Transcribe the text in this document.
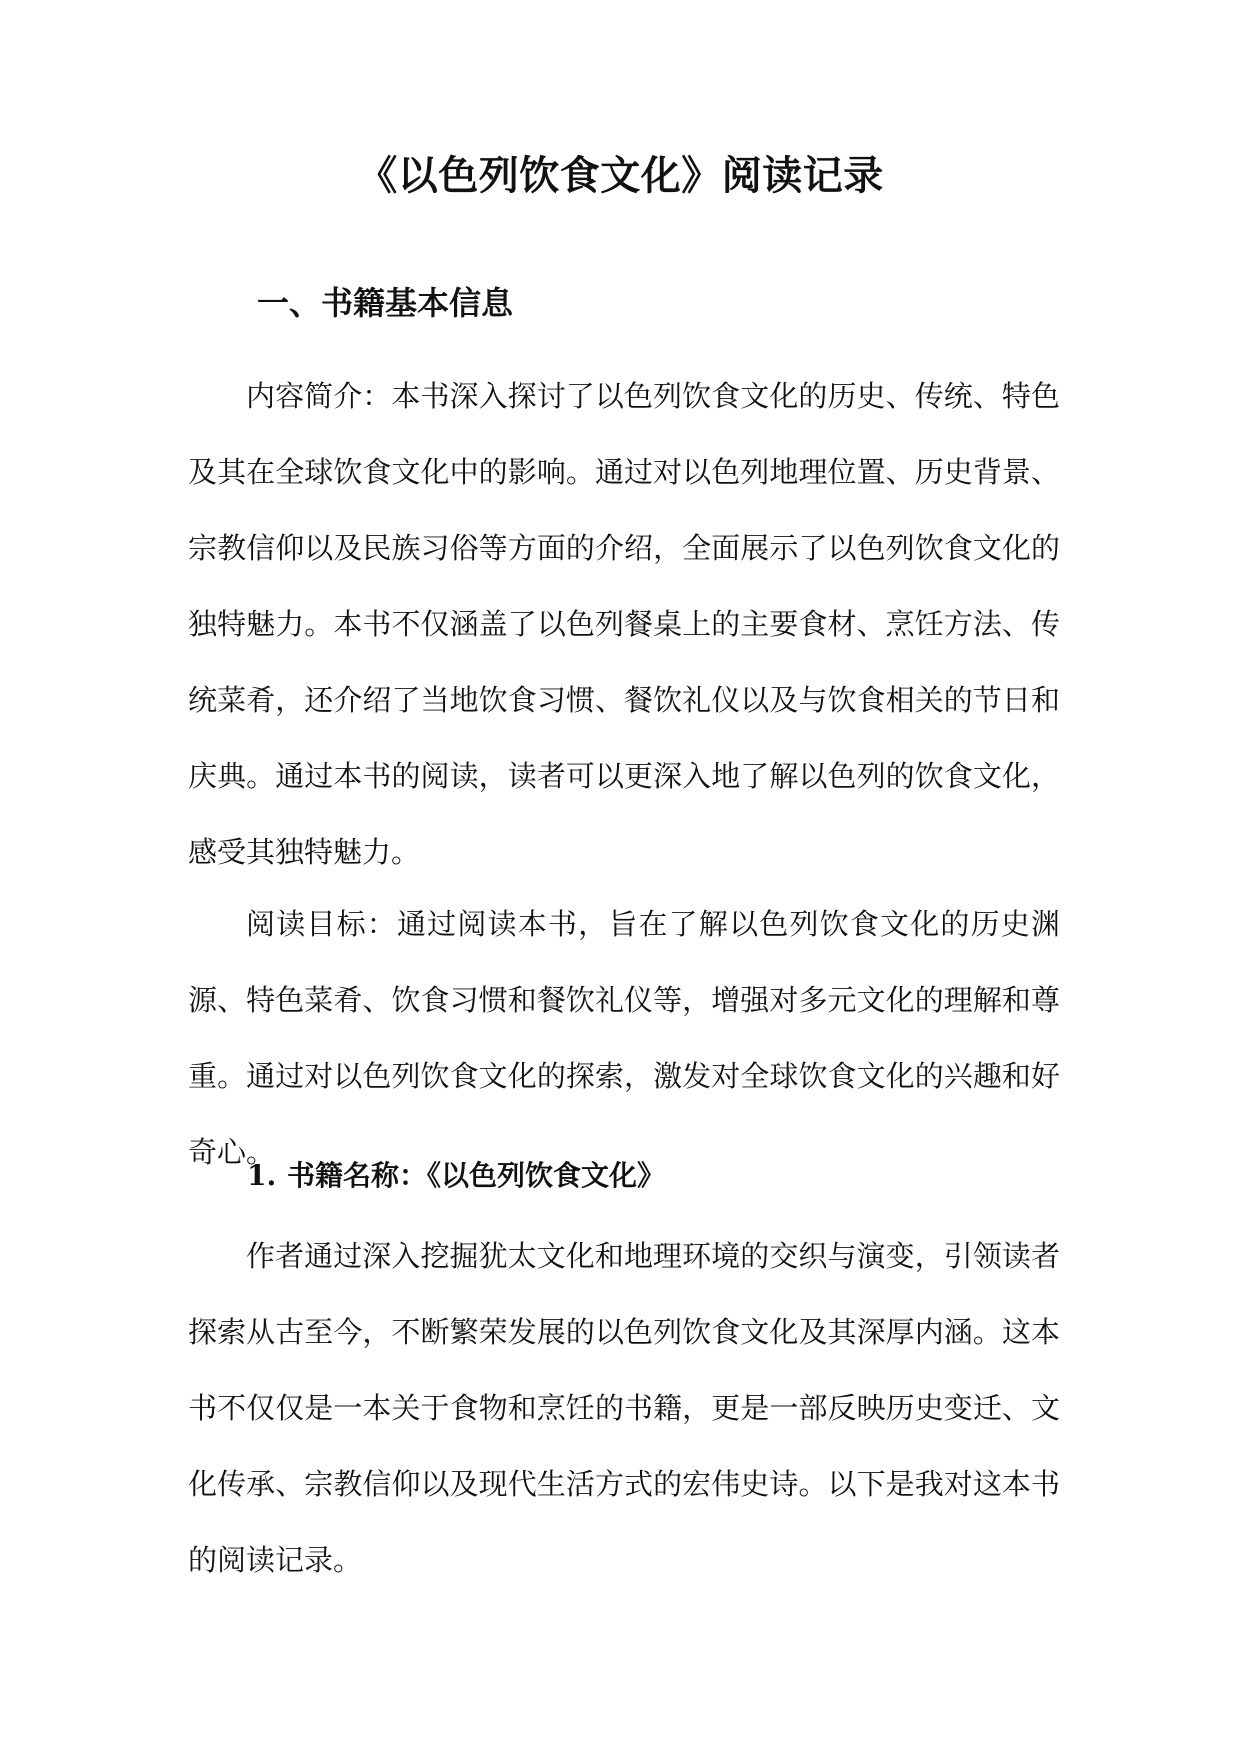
《以色列饮食文化》阅读记录
一、书籍基本信息

内容简介：本书深入探讨了以色列饮食文化的历史、传统、特色及其在全球饮食文化中的影响。通过对以色列地理位置、历史背景、宗教信仰以及民族习俗等方面的介绍，全面展示了以色列饮食文化的独特魅力。本书不仅涵盖了以色列餐桌上的主要食材、烹饪方法、传统菜肴，还介绍了当地饮食习惯、餐饮礼仪以及与饮食相关的节日和庆典。通过本书的阅读，读者可以更深入地了解以色列的饮食文化，感受其独特魅力。

阅读目标：通过阅读本书，旨在了解以色列饮食文化的历史渊源、特色菜肴、饮食习惯和餐饮礼仪等，增强对多元文化的理解和尊重。通过对以色列饮食文化的探索，激发对全球饮食文化的兴趣和好奇心。

1. 书籍名称：《以色列饮食文化》

作者通过深入挖掘犹太文化和地理环境的交织与演变，引领读者探索从古至今，不断繁荣发展的以色列饮食文化及其深厚内涵。这本书不仅仅是一本关于食物和烹饪的书籍，更是一部反映历史变迁、文化传承、宗教信仰以及现代生活方式的宏伟史诗。以下是我对这本书的阅读记录。
